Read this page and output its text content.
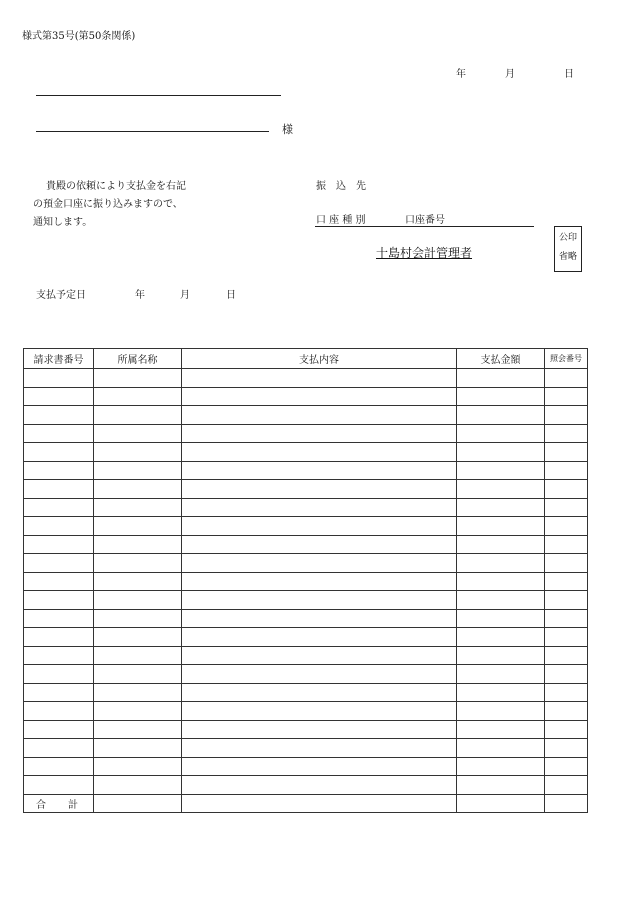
様式第35号(第50条関係)
年	月	日
様
貴殿の依頼により支払金を右記
の預金口座に振り込みますので、
通知します。
振　込　先
口 座 種 別	口座番号
十島村会計管理者
公印
省略
支払予定日	年	月	日
請求書番号	所属名称	支払内容	支払金額	照会番号

合　計				
